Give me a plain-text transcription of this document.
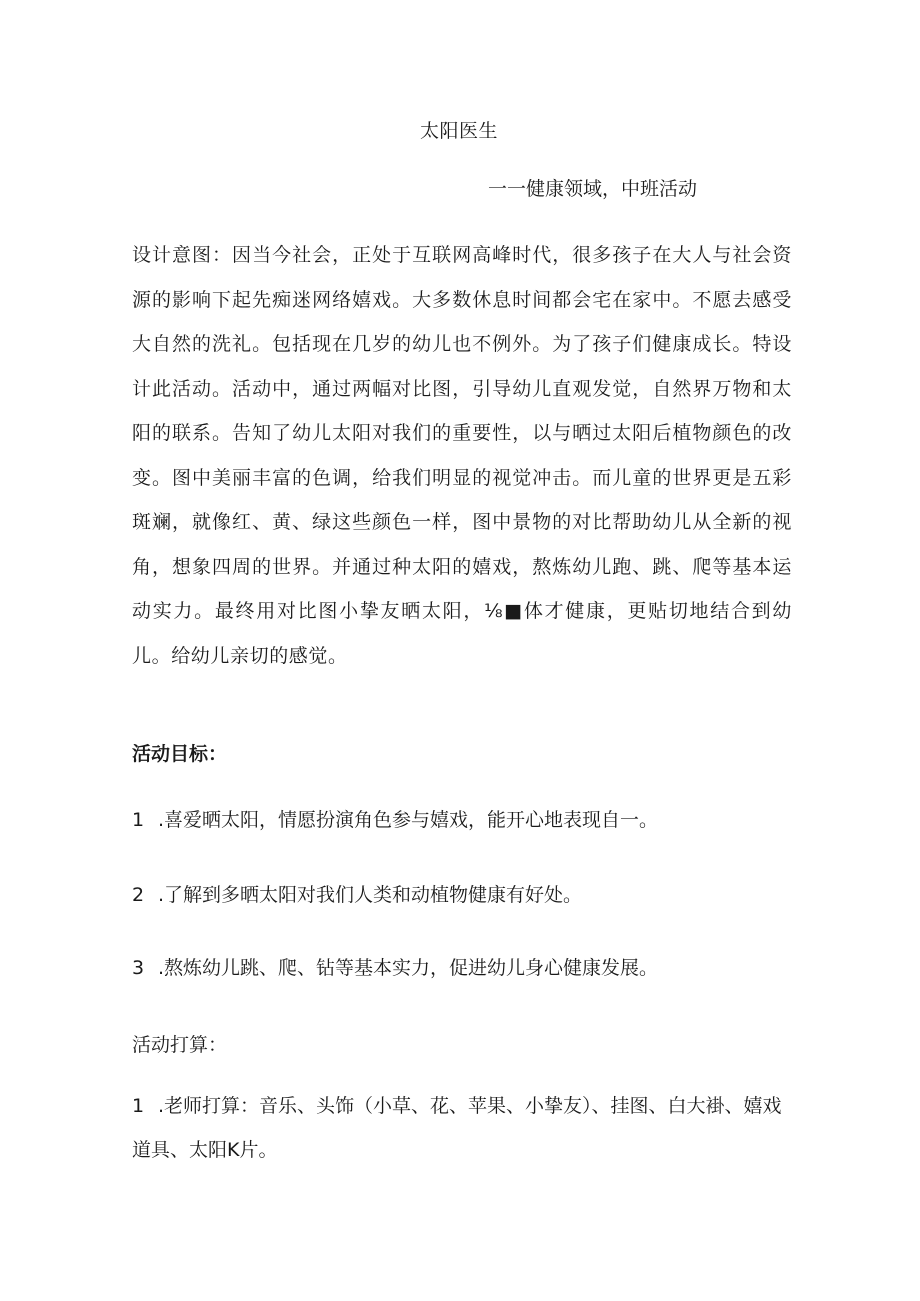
太阳医生
一一健康领域，中班活动

设计意图：因当今社会，正处于互联网高峰时代，很多孩子在大人与社会资源的影响下起先痴迷网络嬉戏。大多数休息时间都会宅在家中。不愿去感受大自然的洗礼。包括现在几岁的幼儿也不例外。为了孩子们健康成长。特设计此活动。活动中，通过两幅对比图，引导幼儿直观发觉，自然界万物和太阳的联系。告知了幼儿太阳对我们的重要性，以与晒过太阳后植物颜色的改变。图中美丽丰富的色调，给我们明显的视觉冲击。而儿童的世界更是五彩斑斓，就像红、黄、绿这些颜色一样，图中景物的对比帮助幼儿从全新的视角，想象四周的世界。并通过种太阳的嬉戏，熬炼幼儿跑、跳、爬等基本运动实力。最终用对比图小挚友晒太阳，⅛■体才健康，更贴切地结合到幼儿。给幼儿亲切的感觉。

活动目标：
1 .喜爱晒太阳，情愿扮演角色参与嬉戏，能开心地表现自一。
2 .了解到多晒太阳对我们人类和动植物健康有好处。
3 .熬炼幼儿跳、爬、钻等基本实力，促进幼儿身心健康发展。
活动打算：

1 .老师打算：音乐、头饰（小草、花、苹果、小挚友）、挂图、白大褂、嬉戏道具、太阳K片。
